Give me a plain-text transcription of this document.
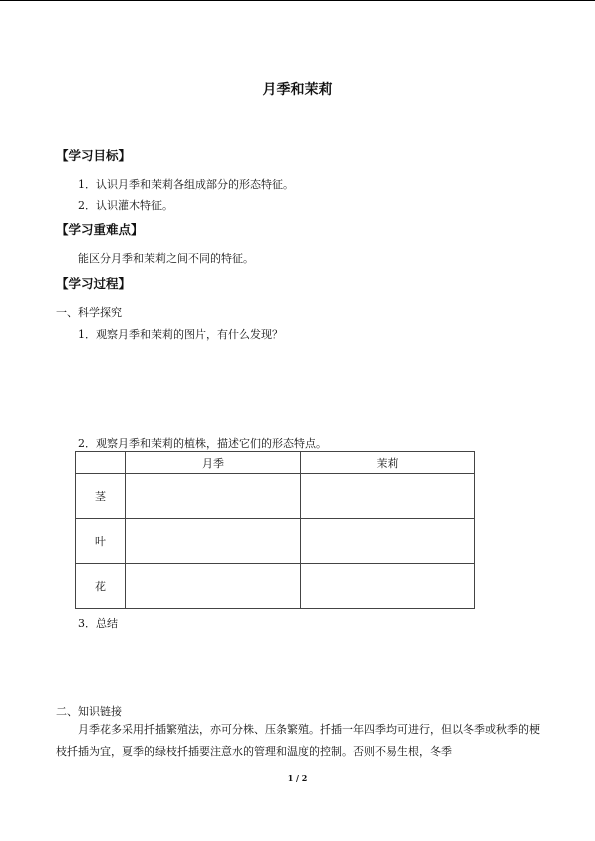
月季和茉莉
【学习目标】
1．认识月季和茉莉各组成部分的形态特征。
2．认识灌木特征。
【学习重难点】
能区分月季和茉莉之间不同的特征。
【学习过程】
一、科学探究
1．观察月季和茉莉的图片，有什么发现？
2．观察月季和茉莉的植株，描述它们的形态特点。
	月季	茉莉
茎		
叶		
花		
3．总结
二、知识链接
月季花多采用扦插繁殖法，亦可分株、压条繁殖。扦插一年四季均可进行，但以冬季或秋季的梗枝扦插为宜，夏季的绿枝扦插要注意水的管理和温度的控制。否则不易生根，冬季
1 / 2
